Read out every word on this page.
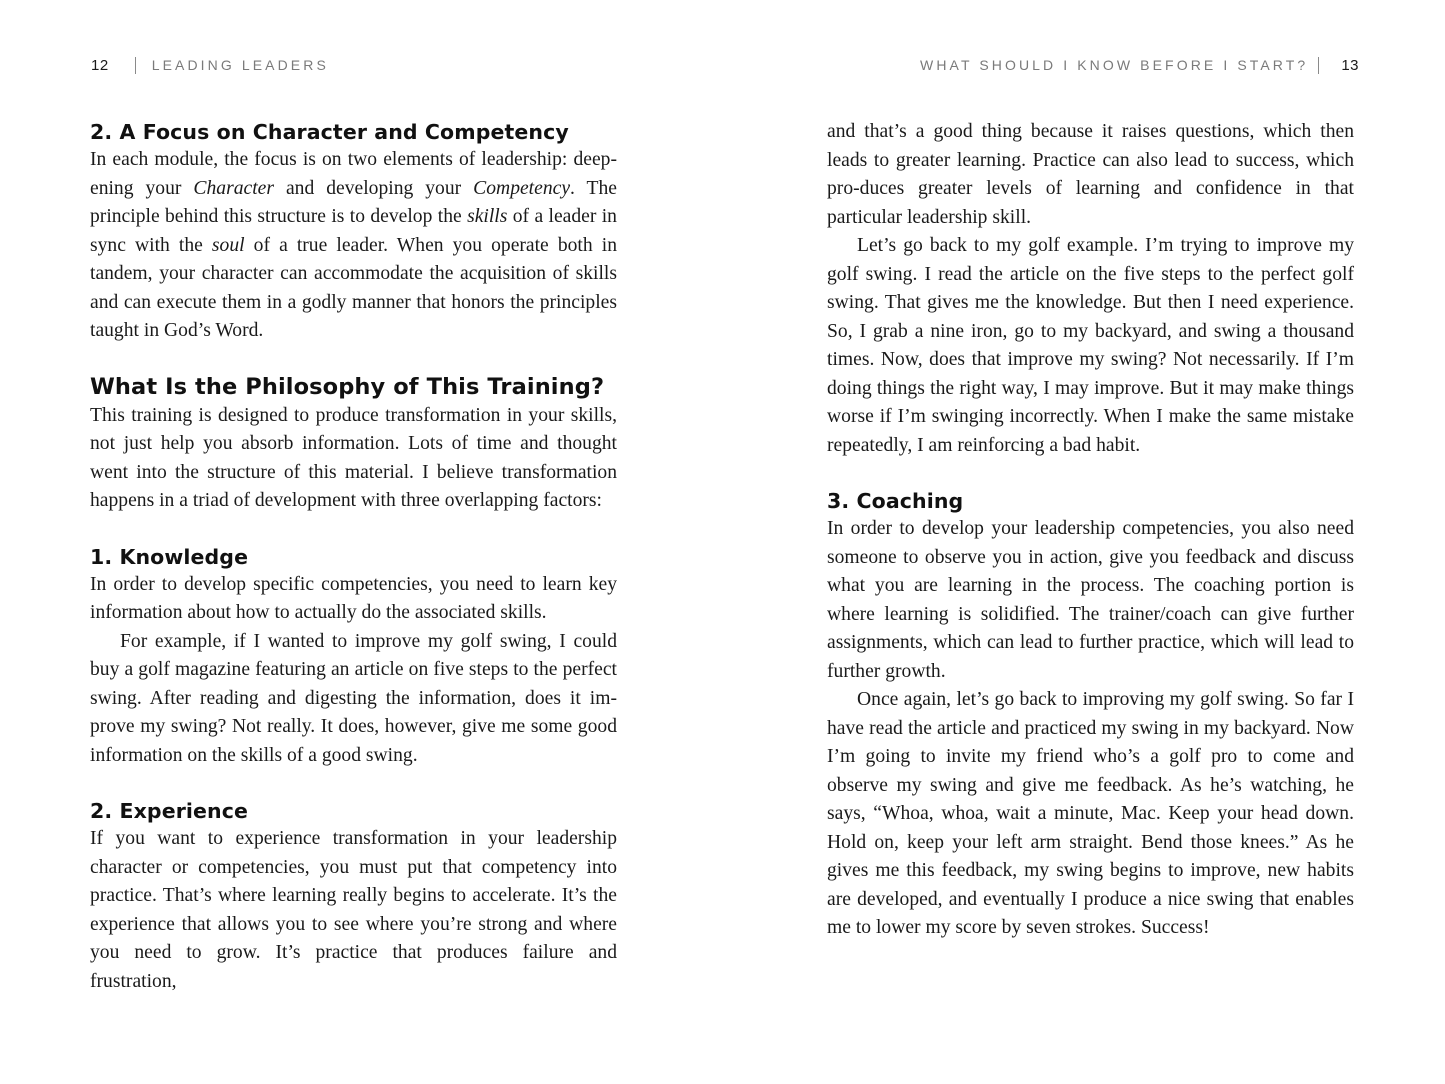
12	LEADING LEADERS
2. A Focus on Character and Competency

In each module, the focus is on two elements of leadership: deep-ening your Character and developing your Competency. The principle behind this structure is to develop the skills of a leader in sync with the soul of a true leader. When you operate both in tandem, your character can accommodate the acquisition of skills and can execute them in a godly manner that honors the principles taught in God’s Word.

What Is the Philosophy of This Training?

This training is designed to produce transformation in your skills, not just help you absorb information. Lots of time and thought went into the structure of this material. I believe transformation happens in a triad of development with three overlapping factors:

1. Knowledge

In order to develop specific competencies, you need to learn key information about how to actually do the associated skills.

For example, if I wanted to improve my golf swing, I could buy a golf magazine featuring an article on five steps to the perfect swing. After reading and digesting the information, does it im-prove my swing? Not really. It does, however, give me some good information on the skills of a good swing.

2. Experience

If you want to experience transformation in your leadership character or competencies, you must put that competency into practice. That’s where learning really begins to accelerate. It’s the experience that allows you to see where you’re strong and where you need to grow. It’s practice that produces failure and frustration,

WHAT SHOULD I KNOW BEFORE I START? 13

and that’s a good thing because it raises questions, which then leads to greater learning. Practice can also lead to success, which pro-duces greater levels of learning and confidence in that particular leadership skill.

Let’s go back to my golf example. I’m trying to improve my golf swing. I read the article on the five steps to the perfect golf swing. That gives me the knowledge. But then I need experience. So, I grab a nine iron, go to my backyard, and swing a thousand times. Now, does that improve my swing? Not necessarily. If I’m doing things the right way, I may improve. But it may make things worse if I’m swinging incorrectly. When I make the same mistake repeatedly, I am reinforcing a bad habit.

3. Coaching

In order to develop your leadership competencies, you also need someone to observe you in action, give you feedback and discuss what you are learning in the process. The coaching portion is where learning is solidified. The trainer/coach can give further assignments, which can lead to further practice, which will lead to further growth.

Once again, let’s go back to improving my golf swing. So far I have read the article and practiced my swing in my backyard. Now I’m going to invite my friend who’s a golf pro to come and observe my swing and give me feedback. As he’s watching, he says, “Whoa, whoa, wait a minute, Mac. Keep your head down. Hold on, keep your left arm straight. Bend those knees.” As he gives me this feedback, my swing begins to improve, new habits are developed, and eventually I produce a nice swing that enables me to lower my score by seven strokes. Success!
